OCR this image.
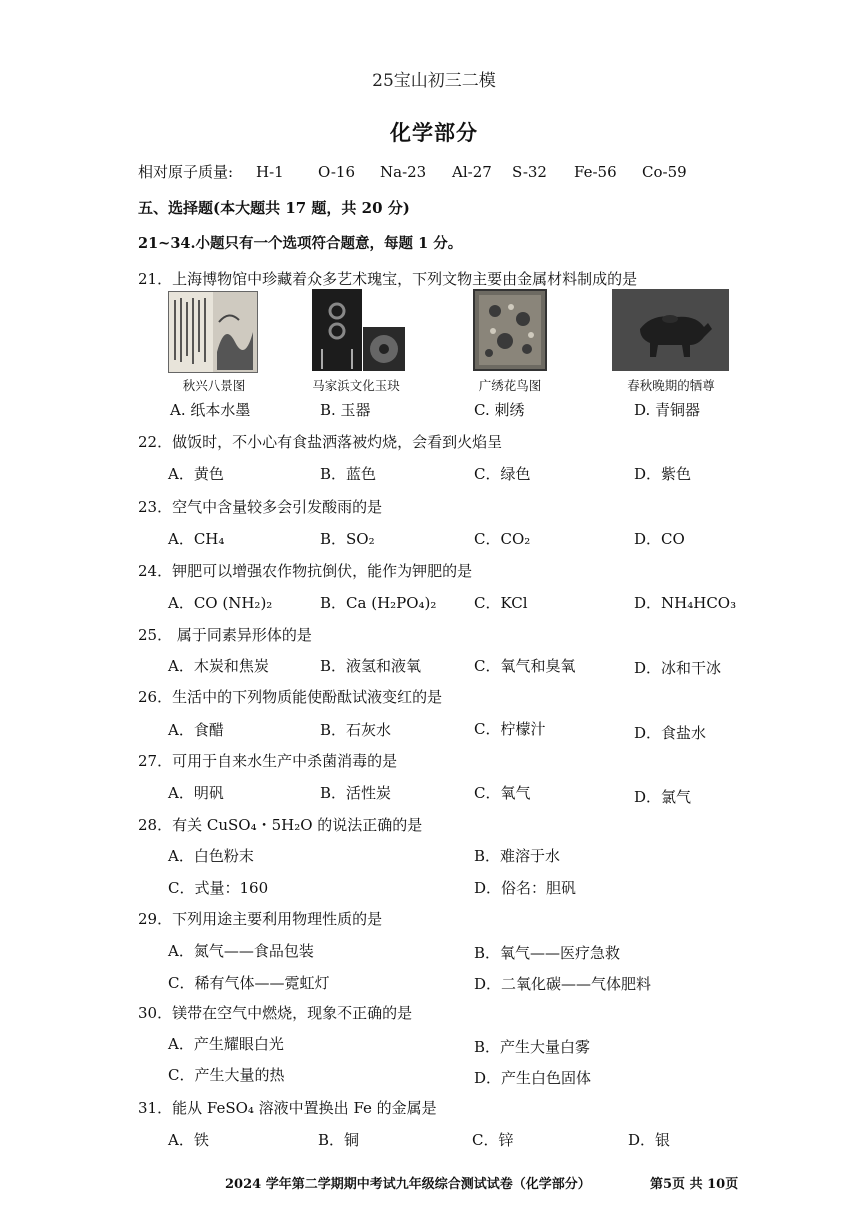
25宝山初三二模
化学部分
相对原子质量: H-1 O-16 Na-23 Al-27 S-32 Fe-56 Co-59
五、选择题(本大题共 17 题，共 20 分)
21~34.小题只有一个选项符合题意，每题 1 分。
21．上海博物馆中珍藏着众多艺术瑰宝，下列文物主要由金属材料制成的是
秋兴八景图	马家浜文化玉玦	广绣花鸟图	春秋晚期的牺尊
A. 纸本水墨	B. 玉器	C. 刺绣	D. 青铜器
22．做饭时，不小心有食盐洒落被灼烧，会看到火焰呈
A．黄色	B．蓝色	C．绿色	D．紫色
23．空气中含量较多会引发酸雨的是
A．CH₄	B．SO₂	C．CO₂	D．CO
24．钾肥可以增强农作物抗倒伏，能作为钾肥的是
A．CO (NH₂)₂	B．Ca (H₂PO₄)₂	C．KCl	D．NH₄HCO₃
25． 属于同素异形体的是
A．木炭和焦炭	B．液氢和液氧	C．氧气和臭氧	D．冰和干冰
26．生活中的下列物质能使酚酞试液变红的是
A．食醋	B．石灰水	C．柠檬汁	D．食盐水
27．可用于自来水生产中杀菌消毒的是
A．明矾	B．活性炭	C．氧气	D．氯气
28．有关 CuSO₄・5H₂O 的说法正确的是
A．白色粉末	B．难溶于水
C．式量：160	D．俗名：胆矾
29．下列用途主要利用物理性质的是
A．氮气——食品包装	B．氧气——医疗急救
C．稀有气体——霓虹灯	D．二氧化碳——气体肥料
30．镁带在空气中燃烧，现象不正确的是
A．产生耀眼白光	B．产生大量白雾
C．产生大量的热	D．产生白色固体
31．能从 FeSO₄ 溶液中置换出 Fe 的金属是
A．铁	B．铜	C．锌	D．银
2024 学年第二学期期中考试九年级综合测试试卷（化学部分）	第5页 共 10页
